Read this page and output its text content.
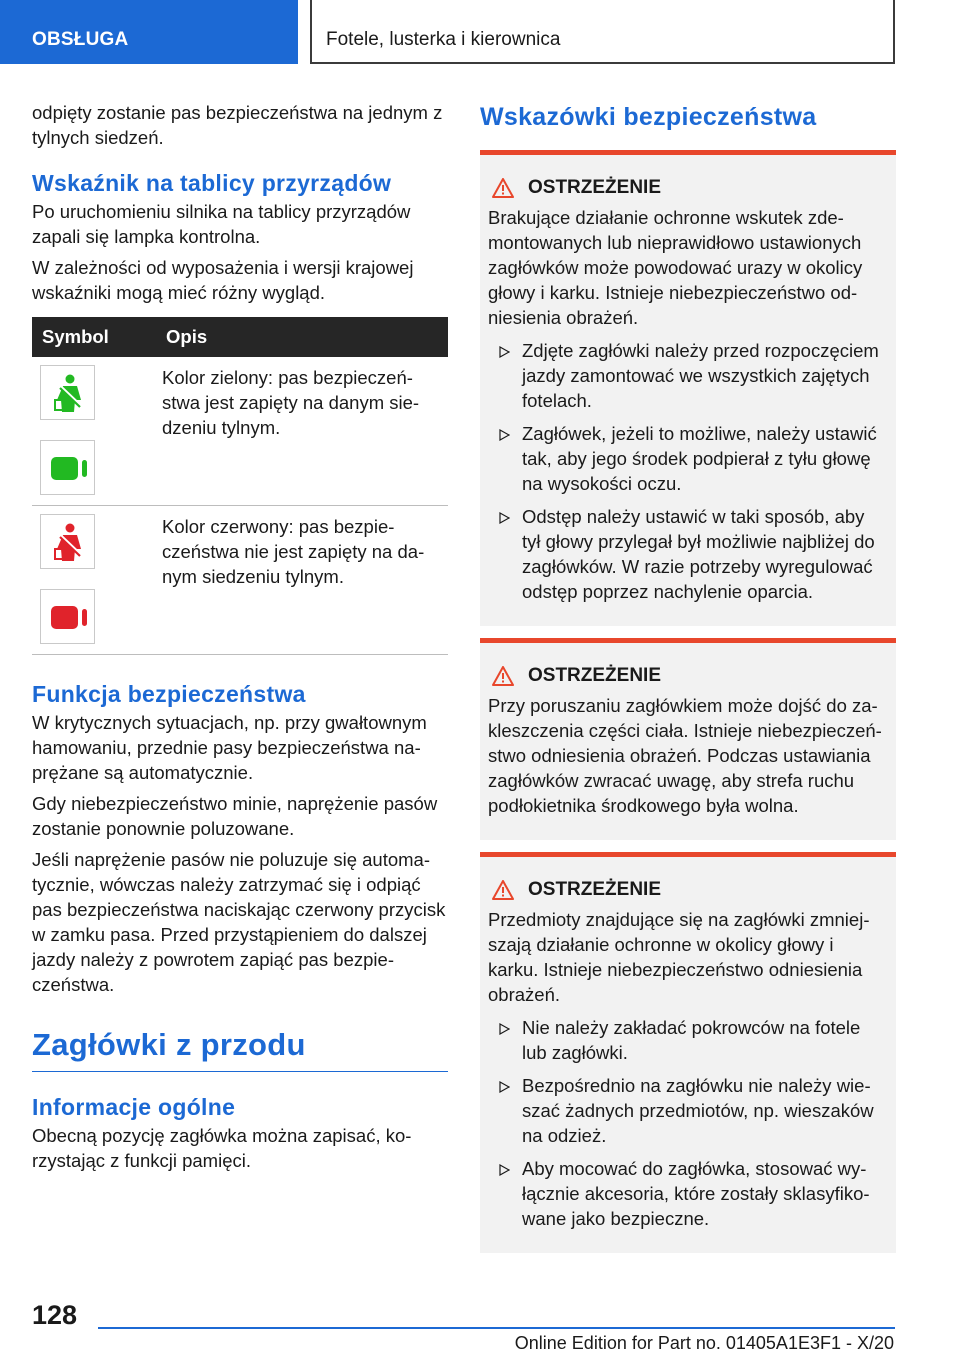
OBSŁUGA	Fotele, lusterka i kierownica

odpięty zostanie pas bezpieczeństwa na jednym z tylnych siedzeń.

Wskaźnik na tablicy przyrządów

Po uruchomieniu silnika na tablicy przyrządów zapali się lampka kontrolna.

W zależności od wyposażenia i wersji krajowej wskaźniki mogą mieć różny wygląd.

Symbol	Opis

	Kolor zielony: pas bezpieczeństwa jest zapięty na danym siedzeniu tylnym.

	Kolor czerwony: pas bezpieczeństwa nie jest zapięty na danym siedzeniu tylnym.
Funkcja bezpieczeństwa

W krytycznych sytuacjach, np. przy gwałtownym hamowaniu, przednie pasy bezpieczeństwa naprężane są automatycznie.

Gdy niebezpieczeństwo minie, naprężenie pasów zostanie ponownie poluzowane.

Jeśli naprężenie pasów nie poluzuje się automatycznie, wówczas należy zatrzymać się i odpiąć pas bezpieczeństwa naciskając czerwony przycisk w zamku pasa. Przed przystąpieniem do dalszej jazdy należy z powrotem zapiąć pas bezpieczeństwa.

Zagłówki z przodu
Informacje ogólne

Obecną pozycję zagłówka można zapisać, korzystając z funkcji pamięci.

Wskazówki bezpieczeństwa
OSTRZEŻENIE

Brakujące działanie ochronne wskutek zdemontowanych lub nieprawidłowo ustawionych zagłówków może powodować urazy w okolicy głowy i karku. Istnieje niebezpieczeństwo odniesienia obrażeń.

Zdjęte zagłówki należy przed rozpoczęciem jazdy zamontować we wszystkich zajętych fotelach.
Zagłówek, jeżeli to możliwe, należy ustawić tak, aby jego środek podpierał z tyłu głowę na wysokości oczu.
Odstęp należy ustawić w taki sposób, aby tył głowy przylegał był możliwie najbliżej do zagłówków. W razie potrzeby wyregulować odstęp poprzez nachylenie oparcia.
OSTRZEŻENIE

Przy poruszaniu zagłówkiem może dojść do zakleszczenia części ciała. Istnieje niebezpieczeństwo odniesienia obrażeń. Podczas ustawiania zagłówków zwracać uwagę, aby strefa ruchu podłokietnika środkowego była wolna.

OSTRZEŻENIE

Przedmioty znajdujące się na zagłówki zmniejszają działanie ochronne w okolicy głowy i karku. Istnieje niebezpieczeństwo odniesienia obrażeń.

Nie należy zakładać pokrowców na fotele lub zagłówki.
Bezpośrednio na zagłówku nie należy wieszać żadnych przedmiotów, np. wieszaków na odzież.
Aby mocować do zagłówka, stosować wyłącznie akcesoria, które zostały sklasyfikowane jako bezpieczne.
128
Online Edition for Part no. 01405A1E3F1 - X/20
